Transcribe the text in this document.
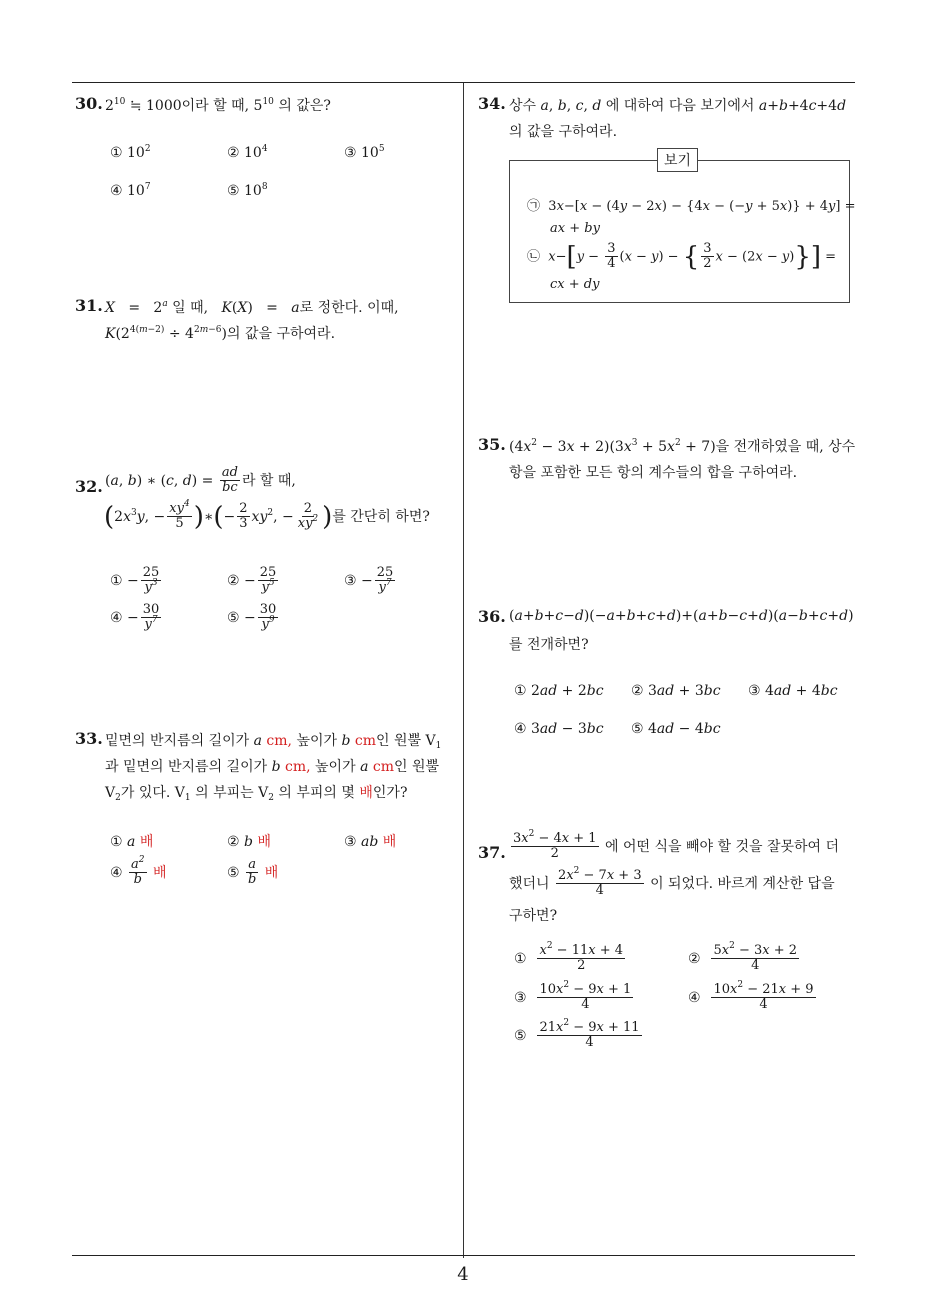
30. $2^{10}$ ≒ 1000이라 할 때, $5^{10}$ 의 값은?
① $10^2$	② $10^4$	③ $10^5$
④ $10^7$	⑤ $10^8$
31. X   =   2$^a$ 일 때, K(X)   =   a로 정한다. 이때,
$K(2^{4(m-2)} \div 4^{2m-6})$의 값을 구하여라.
32. (a, b) ∗ (c, $d) = \frac{ad}{bc}$ 라 할 때,
($2x^3y$, − $\frac{xy^4}{5}$ )∗(− $\frac{2}{3} xy^2$, − $\frac{2}{xy^2}$ )를 간단히 하면?
① − $\frac{25}{y^3}$	② − $\frac{25}{y^5}$	③ − $\frac{25}{y^7}$
④ − $\frac{30}{y^7}$	⑤ − $\frac{30}{y^9}$
33. 밑면의 반지름의 길이가 a cm, 높이가 b cm인 원뿔 $V_1$
과 밑면의 반지름의 길이가 b cm, 높이가 a cm인 원뿔
$V_2$가 있다. $V_1$ 의 부피는 $V_2$ 의 부피의 몇 배인가?
① a 배	② b 배	③ ab 배
④ $\frac{a^2}{b}$ 배	⑤ $\frac{a}{b}$ 배
34. 상수 a, b, c, d 에 대하여 다음 보기에서 a+b+4c+4d
의 값을 구하여라.
보기
㉠  3x−[x − (4y − 2x) − {4x − (−y + 5x)} + 4y] =
ax + by
㉡ $x-[y - \frac{3}{4} (x - y)$ − { $\frac{3}{2}$ x − (2x − y)}] =
cx + dy
35. $(4x^2 - 3x + 2)(3x^3 + 5x^2 + 7)$을 전개하였을 때, 상수
항을 포함한 모든 항의 계수들의 합을 구하여라.
36. (a+b+c−d)(−a+b+c+d)+(a+b−c+d)(a−b+c+d)
를 전개하면?
① 2ad + 2bc ② 3ad + 3bc ③ 4ad + 4bc
④ 3ad − 3bc ⑤ 4ad − 4bc
37. $\frac{3x^2 - 4x + 1}{2}$ 에 어떤 식을 빼야 할 것을 잘못하여 더
했더니 $\frac{2x^2 - 7x + 3}{4}$ 이 되었다. 바르게 계산한 답을
구하면?
① $\frac{x^2 - 11x + 4}{2}$	② $\frac{5x^2 - 3x + 2}{4}$
③ $\frac{10x^2 - 9x + 1}{4}$	④ $\frac{10x^2 - 21x + 9}{4}$
⑤ $\frac{21x^2 - 9x + 11}{4}$
4
